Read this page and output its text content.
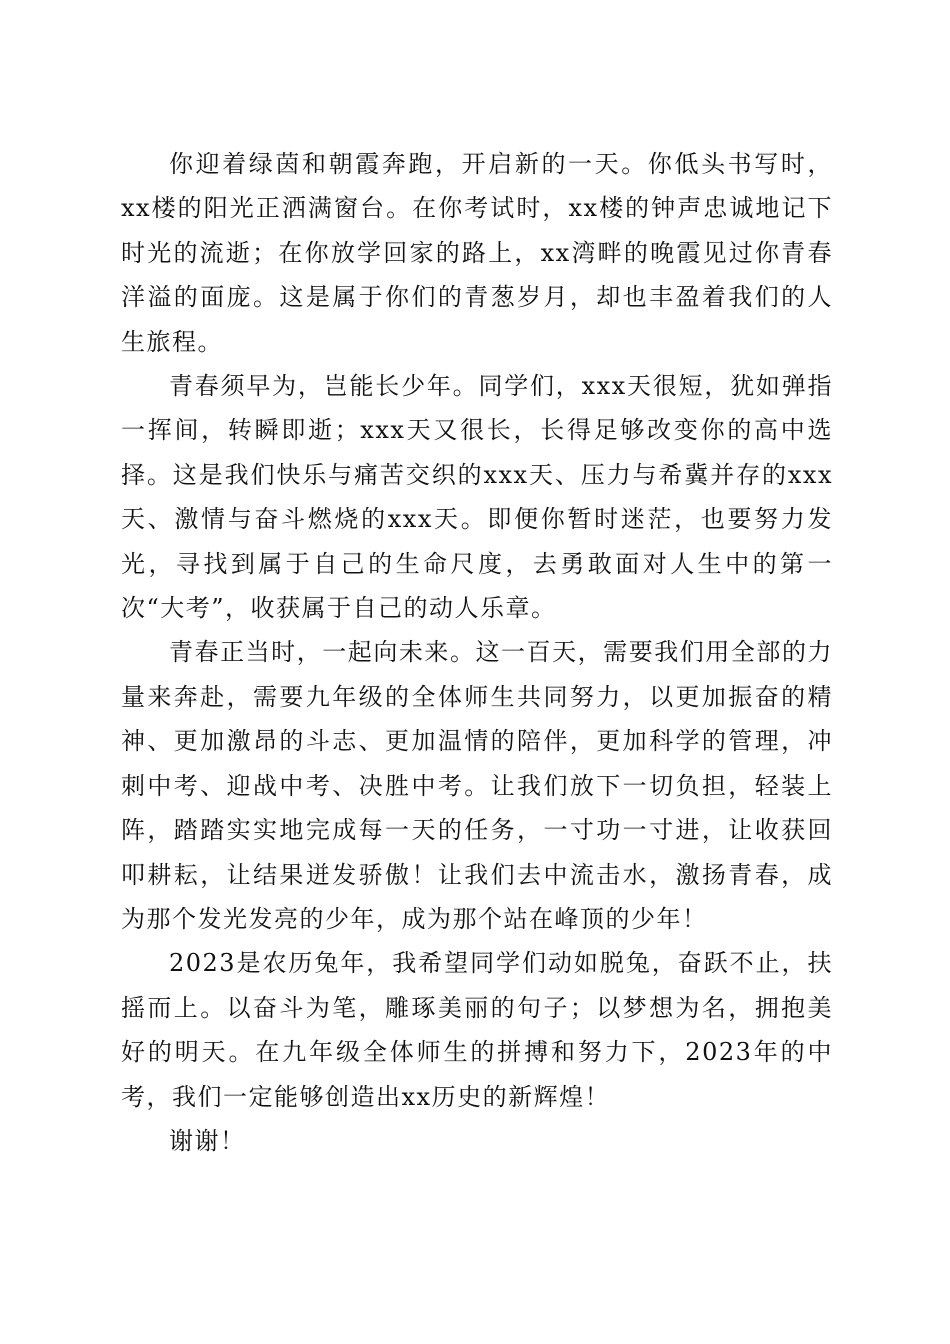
你迎着绿茵和朝霞奔跑，开启新的一天。你低头书写时，xx楼的阳光正洒满窗台。在你考试时，xx楼的钟声忠诚地记下时光的流逝；在你放学回家的路上，xx湾畔的晚霞见过你青春洋溢的面庞。这是属于你们的青葱岁月，却也丰盈着我们的人生旅程。

青春须早为，岂能长少年。同学们，xxx天很短，犹如弹指一挥间，转瞬即逝；xxx天又很长，长得足够改变你的高中选择。这是我们快乐与痛苦交织的xxx天、压力与希冀并存的xxx天、激情与奋斗燃烧的xxx天。即便你暂时迷茫，也要努力发光，寻找到属于自己的生命尺度，去勇敢面对人生中的第一次“大考”，收获属于自己的动人乐章。

青春正当时，一起向未来。这一百天，需要我们用全部的力量来奔赴，需要九年级的全体师生共同努力，以更加振奋的精神、更加激昂的斗志、更加温情的陪伴，更加科学的管理，冲刺中考、迎战中考、决胜中考。让我们放下一切负担，轻装上阵，踏踏实实地完成每一天的任务，一寸功一寸进，让收获回叩耕耘，让结果迸发骄傲！让我们去中流击水，激扬青春，成为那个发光发亮的少年，成为那个站在峰顶的少年！

2023是农历兔年，我希望同学们动如脱兔，奋跃不止，扶摇而上。以奋斗为笔，雕琢美丽的句子；以梦想为名，拥抱美好的明天。在九年级全体师生的拼搏和努力下，2023年的中考，我们一定能够创造出xx历史的新辉煌！

谢谢！
